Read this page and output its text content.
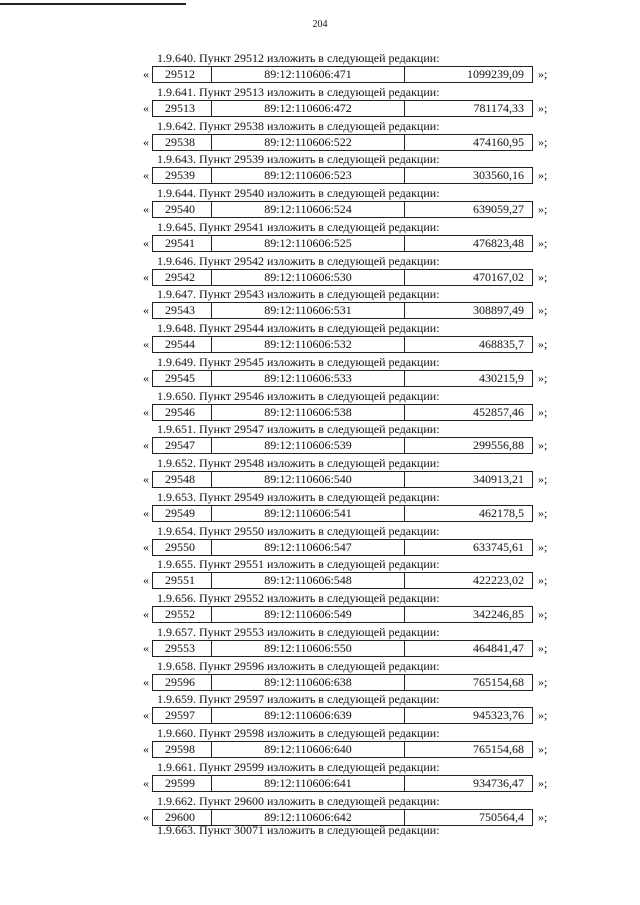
204
1.9.640. Пункт 29512 изложить в следующей редакции:
«	29512	89:12:110606:471	1099239,09	»;
1.9.641. Пункт 29513 изложить в следующей редакции:
«	29513	89:12:110606:472	781174,33	»;
1.9.642. Пункт 29538 изложить в следующей редакции:
«	29538	89:12:110606:522	474160,95	»;
1.9.643. Пункт 29539 изложить в следующей редакции:
«	29539	89:12:110606:523	303560,16	»;
1.9.644. Пункт 29540 изложить в следующей редакции:
«	29540	89:12:110606:524	639059,27	»;
1.9.645. Пункт 29541 изложить в следующей редакции:
«	29541	89:12:110606:525	476823,48	»;
1.9.646. Пункт 29542 изложить в следующей редакции:
«	29542	89:12:110606:530	470167,02	»;
1.9.647. Пункт 29543 изложить в следующей редакции:
«	29543	89:12:110606:531	308897,49	»;
1.9.648. Пункт 29544 изложить в следующей редакции:
«	29544	89:12:110606:532	468835,7	»;
1.9.649. Пункт 29545 изложить в следующей редакции:
«	29545	89:12:110606:533	430215,9	»;
1.9.650. Пункт 29546 изложить в следующей редакции:
«	29546	89:12:110606:538	452857,46	»;
1.9.651. Пункт 29547 изложить в следующей редакции:
«	29547	89:12:110606:539	299556,88	»;
1.9.652. Пункт 29548 изложить в следующей редакции:
«	29548	89:12:110606:540	340913,21	»;
1.9.653. Пункт 29549 изложить в следующей редакции:
«	29549	89:12:110606:541	462178,5	»;
1.9.654. Пункт 29550 изложить в следующей редакции:
«	29550	89:12:110606:547	633745,61	»;
1.9.655. Пункт 29551 изложить в следующей редакции:
«	29551	89:12:110606:548	422223,02	»;
1.9.656. Пункт 29552 изложить в следующей редакции:
«	29552	89:12:110606:549	342246,85	»;
1.9.657. Пункт 29553 изложить в следующей редакции:
«	29553	89:12:110606:550	464841,47	»;
1.9.658. Пункт 29596 изложить в следующей редакции:
«	29596	89:12:110606:638	765154,68	»;
1.9.659. Пункт 29597 изложить в следующей редакции:
«	29597	89:12:110606:639	945323,76	»;
1.9.660. Пункт 29598 изложить в следующей редакции:
«	29598	89:12:110606:640	765154,68	»;
1.9.661. Пункт 29599 изложить в следующей редакции:
«	29599	89:12:110606:641	934736,47	»;
1.9.662. Пункт 29600 изложить в следующей редакции:
«	29600	89:12:110606:642	750564,4	»;
1.9.663. Пункт 30071 изложить в следующей редакции:
